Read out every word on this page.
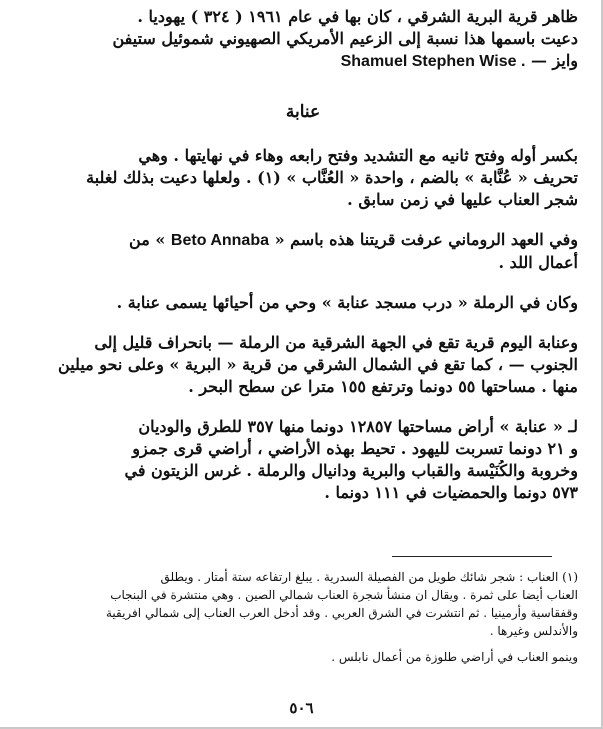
ظاهر قرية البرية الشرقي ، كان بها في عام ١٩٦١ ( ٣٢٤ ) يهوديا .
دعيت باسمها هذا نسبة إلى الزعيم الأمريكي الصهيوني شموئيل ستيفن
وايز — Shamuel Stephen Wise .
عنابة
بكسر أوله وفتح ثانيه مع التشديد وفتح رابعه وهاء في نهايتها . وهي
تحريف « عُنَّابة » بالضم ، واحدة « العُنَّاب » (١) . ولعلها دعيت بذلك لغلبة
شجر العناب عليها في زمن سابق .
وفي العهد الروماني عرفت قريتنا هذه باسم « Beto Annaba » من
أعمال اللد .
وكان في الرملة « درب مسجد عنابة » وحي من أحيائها يسمى عنابة .
وعنابة اليوم قرية تقع في الجهة الشرقية من الرملة — بانحراف قليل إلى
الجنوب — ، كما تقع في الشمال الشرقي من قرية « البرية » وعلى نحو ميلين
منها . مساحتها ٥٥ دونما وترتفع ١٥٥ مترا عن سطح البحر .
لـ « عنابة » أراض مساحتها ١٢٨٥٧ دونما منها ٣٥٧ للطرق والوديان
و ٢١ دونما تسربت لليهود . تحيط بهذه الأراضي ، أراضي قرى جمزو
وخروبة والكُنَيْسة والقباب والبرية ودانيال والرملة . غرس الزيتون في
٥٧٣ دونما والحمضيات في ١١١ دونما .
(١) العناب : شجر شائك طويل من الفصيلة السدرية . يبلغ ارتفاعه ستة أمتار . ويطلق
العناب أيضا على ثمرة . ويقال ان منشأ شجرة العناب شمالي الصين . وهي منتشرة في البنجاب
وقفقاسية وأرمينيا . ثم انتشرت في الشرق العربي . وقد أدخل العرب العناب إلى شمالي افريقية
والأندلس وغيرها .
وينمو العناب في أراضي طلوزة من أعمال نابلس .
٥٠٦
